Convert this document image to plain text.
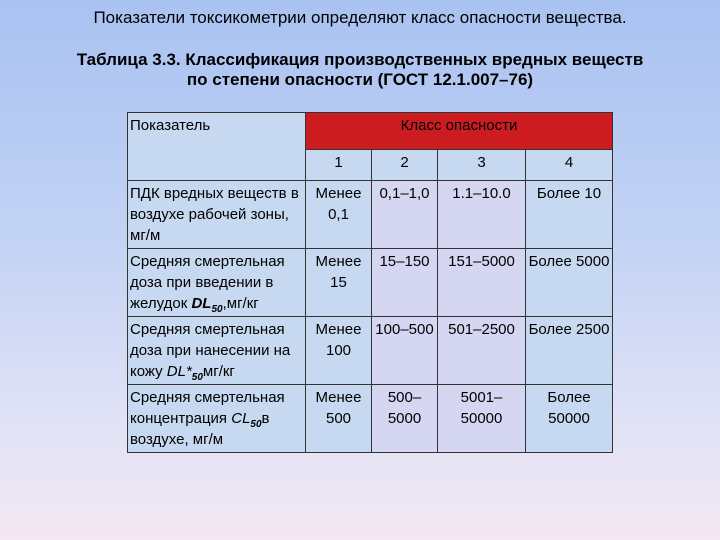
Показатели токсикометрии определяют класс опасности вещества.
Таблица 3.3. Классификация производственных вредных веществ
по степени опасности (ГОСТ 12.1.007–76)
Показатель	Класс опасности			
	1	2	3	4
ПДК вредных веществ в воздухе рабочей зоны, мг/м	Менее 0,1	0,1–1,0	1.1–10.0	Более 10
Средняя смертельная доза при введении в желудок $DL_{50},мг/кг$	Менее 15	15–150	151–5000	Более 5000
Средняя смертельная доза при нанесении на кожу $DL*_{50}мг/кг$	Менее 100	100–500	501–2500	Более 2500
Средняя смертельная концентрация $CL_{50}в$ воздухе, мг/м	Менее 500	500– 5000	5001– 50000	Более 50000
